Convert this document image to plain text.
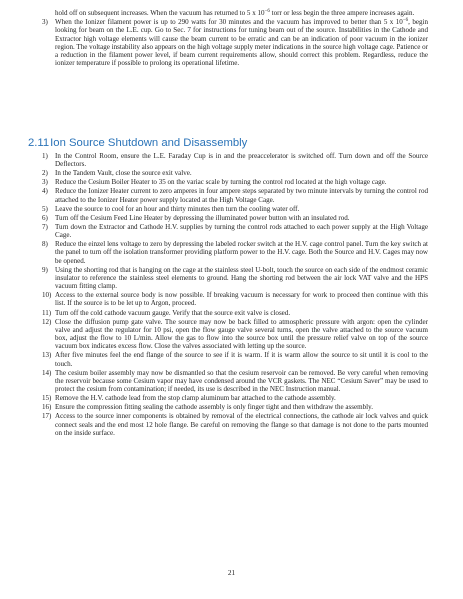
hold off on subsequent increases. When the vacuum has returned to 5 x $10^{-6}$ torr or less begin the three ampere increases again.
3) When the Ionizer filament power is up to 290 watts for 30 minutes and the vacuum has improved to better than 5 x $10^{-6}$, begin looking for beam on the L.E. cup. Go to Sec. 7 for instructions for tuning beam out of the source. Instabilities in the Cathode and Extractor high voltage elements will cause the beam current to be erratic and can be an indication of poor vacuum in the ionizer region. The voltage instability also appears on the high voltage supply meter indications in the source high voltage cage. Patience or a reduction in the filament power level, if beam current requirements allow, should correct this problem. Regardless, reduce the ionizer temperature if possible to prolong its operational lifetime.
2.11Ion Source Shutdown and Disassembly
1) In the Control Room, ensure the L.E. Faraday Cup is in and the preaccelerator is switched off. Turn down and off the Source Deflectors.
2) In the Tandem Vault, close the source exit valve.
3) Reduce the Cesium Boiler Heater to 35 on the variac scale by turning the control rod located at the high voltage cage.
4) Reduce the Ionizer Heater current to zero amperes in four ampere steps separated by two minute intervals by turning the control rod attached to the Ionizer Heater power supply located at the High Voltage Cage.
5) Leave the source to cool for an hour and thirty minutes then turn the cooling water off.
6) Turn off the Cesium Feed Line Heater by depressing the illuminated power button with an insulated rod.
7) Turn down the Extractor and Cathode H.V. supplies by turning the control rods attached to each power supply at the High Voltage Cage.
8) Reduce the einzel lens voltage to zero by depressing the labeled rocker switch at the H.V. cage control panel. Turn the key switch at the panel to turn off the isolation transformer providing platform power to the H.V. cage. Both the Source and H.V. Cages may now be opened.
9) Using the shorting rod that is hanging on the cage at the stainless steel U-bolt, touch the source on each side of the endmost ceramic insulator to reference the stainless steel elements to ground. Hang the shorting rod between the air lock VAT valve and the HPS vacuum fitting clamp.
10) Access to the external source body is now possible. If breaking vacuum is necessary for work to proceed then continue with this list. If the source is to be let up to Argon, proceed.
11) Turn off the cold cathode vacuum gauge. Verify that the source exit valve is closed.
12) Close the diffusion pump gate valve. The source may now be back filled to atmospheric pressure with argon: open the cylinder valve and adjust the regulator for 10 psi, open the flow gauge valve several turns, open the valve attached to the source vacuum box, adjust the flow to 10 L/min. Allow the gas to flow into the source box until the pressure relief valve on top of the source vacuum box indicates excess flow. Close the valves associated with letting up the source.
13) After five minutes feel the end flange of the source to see if it is warm. If it is warm allow the source to sit until it is cool to the touch.
14) The cesium boiler assembly may now be dismantled so that the cesium reservoir can be removed. Be very careful when removing the reservoir because some Cesium vapor may have condensed around the VCR gaskets. The NEC “Cesium Saver” may be used to protect the cesium from contamination; if needed, its use is described in the NEC Instruction manual.
15) Remove the H.V. cathode lead from the stop clamp aluminum bar attached to the cathode assembly.
16) Ensure the compression fitting sealing the cathode assembly is only finger tight and then withdraw the assembly.
17) Access to the source inner components is obtained by removal of the electrical connections, the cathode air lock valves and quick connect seals and the end most 12 hole flange. Be careful on removing the flange so that damage is not done to the parts mounted on the inside surface.
21
